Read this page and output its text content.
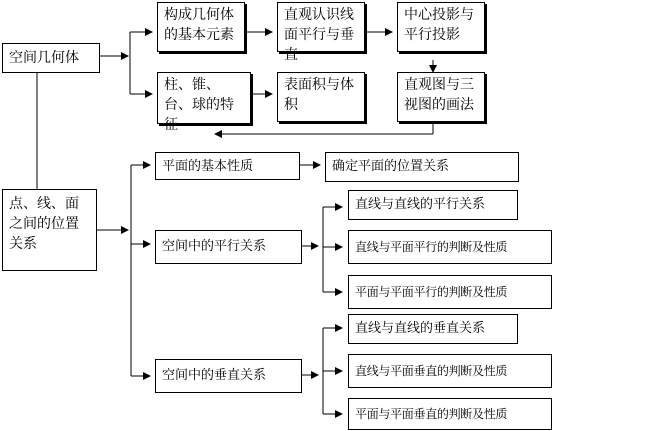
空间几何体
构成几何体的基本元素
直观认识线面平行与垂直
中心投影与平行投影
柱、锥、台、球的特征
表面积与体积
直观图与三视图的画法
点、线、面之间的位置关系
平面的基本性质	确定平面的位置关系
空间中的平行关系
直线与直线的平行关系
直线与平面平行的判断及性质
平面与平面平行的判断及性质
空间中的垂直关系
直线与直线的垂直关系
直线与平面垂直的判断及性质
平面与平面垂直的判断及性质
